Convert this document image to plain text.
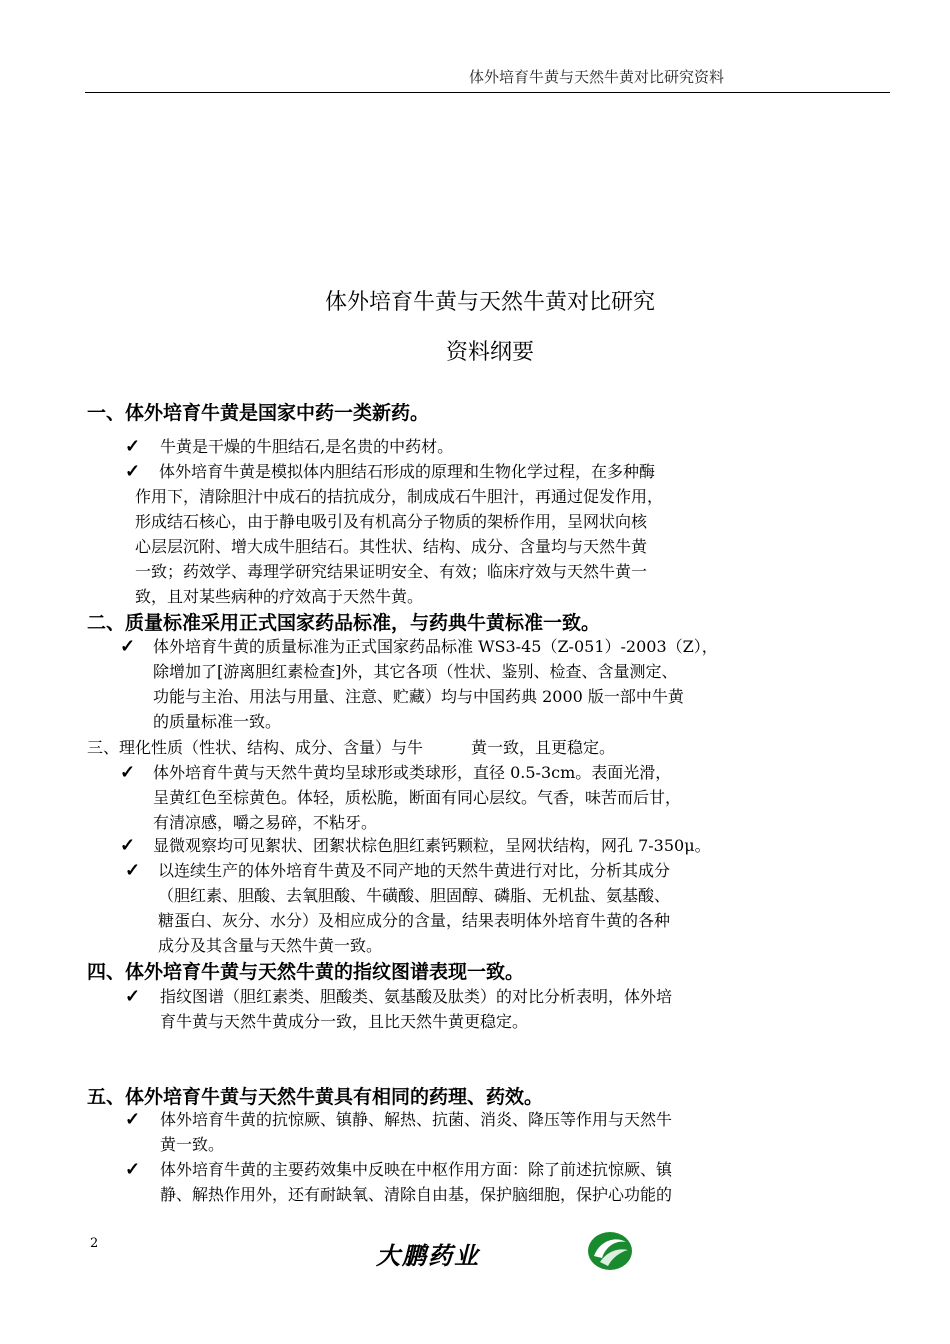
体外培育牛黄与天然牛黄对比研究资料
体外培育牛黄与天然牛黄对比研究
资料纲要
一、体外培育牛黄是国家中药一类新药。
✓ 牛黄是干燥的牛胆结石,是名贵的中药材。
✓	体外培育牛黄是模拟体内胆结石形成的原理和生物化学过程，在多种酶
作用下，清除胆汁中成石的拮抗成分，制成成石牛胆汁，再通过促发作用，
形成结石核心，由于静电吸引及有机高分子物质的架桥作用，呈网状向核
心层层沉附、增大成牛胆结石。其性状、结构、成分、含量均与天然牛黄
一致；药效学、毒理学研究结果证明安全、有效；临床疗效与天然牛黄一
致，且对某些病种的疗效高于天然牛黄。
二、质量标准采用正式国家药品标准，与药典牛黄标准一致。
✓ 体外培育牛黄的质量标准为正式国家药品标准 WS3-45（Z-051）-2003（Z），
除增加了[游离胆红素检查]外，其它各项（性状、鉴别、检查、含量测定、
功能与主治、用法与用量、注意、贮藏）均与中国药典 2000 版一部中牛黄
的质量标准一致。
三、理化性质（性状、结构、成分、含量）与牛	黄一致，且更稳定。
✓ 体外培育牛黄与天然牛黄均呈球形或类球形，直径 0.5-3cm。表面光滑，
呈黄红色至棕黄色。体轻，质松脆，断面有同心层纹。气香，味苦而后甘，
有清凉感，嚼之易碎，不粘牙。
✓ 显微观察均可见絮状、团絮状棕色胆红素钙颗粒，呈网状结构，网孔 7-350μ。
✓ 以连续生产的体外培育牛黄及不同产地的天然牛黄进行对比，分析其成分
（胆红素、胆酸、去氧胆酸、牛磺酸、胆固醇、磷脂、无机盐、氨基酸、
糖蛋白、灰分、水分）及相应成分的含量，结果表明体外培育牛黄的各种
成分及其含量与天然牛黄一致。
四、体外培育牛黄与天然牛黄的指纹图谱表现一致。
✓ 指纹图谱（胆红素类、胆酸类、氨基酸及肽类）的对比分析表明，体外培
育牛黄与天然牛黄成分一致，且比天然牛黄更稳定。
五、体外培育牛黄与天然牛黄具有相同的药理、药效。
✓ 体外培育牛黄的抗惊厥、镇静、解热、抗菌、消炎、降压等作用与天然牛
黄一致。
✓ 体外培育牛黄的主要药效集中反映在中枢作用方面：除了前述抗惊厥、镇
静、解热作用外，还有耐缺氧、清除自由基，保护脑细胞，保护心功能的
2	大鹏药业
